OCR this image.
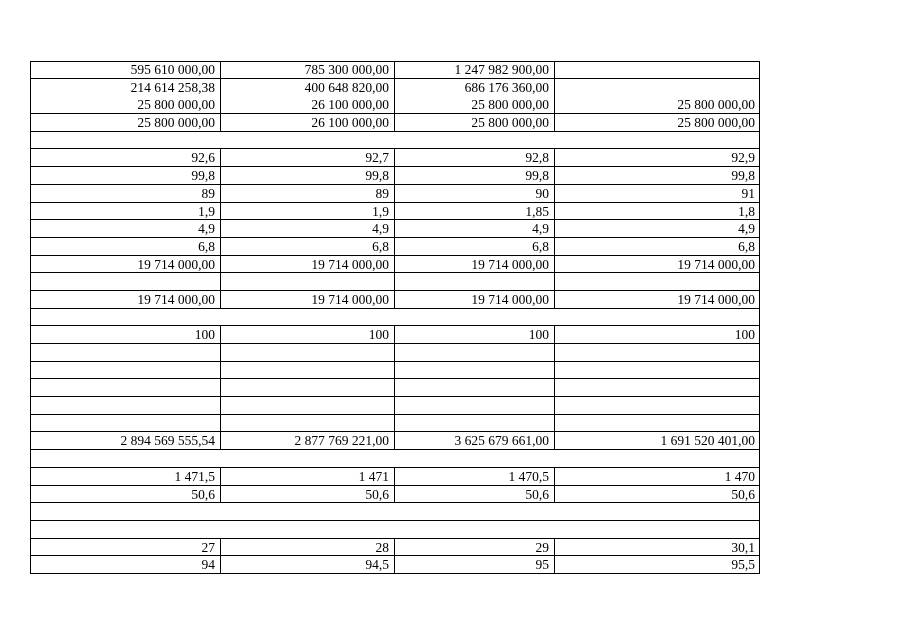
595 610 000,00	785 300 000,00	1 247 982 900,00
214 614 258,38	400 648 820,00	686 176 360,00
25 800 000,00	26 100 000,00	25 800 000,00	25 800 000,00
25 800 000,00	26 100 000,00	25 800 000,00	25 800 000,00
92,6	92,7	92,8	92,9
99,8	99,8	99,8	99,8
89	89	90	91
1,9	1,9	1,85	1,8
4,9	4,9	4,9	4,9
6,8	6,8	6,8	6,8
19 714 000,00	19 714 000,00	19 714 000,00	19 714 000,00
19 714 000,00	19 714 000,00	19 714 000,00	19 714 000,00
100	100	100	100
2 894 569 555,54	2 877 769 221,00	3 625 679 661,00	1 691 520 401,00
1 471,5	1 471	1 470,5	1 470
50,6	50,6	50,6	50,6
27	28	29	30,1
94	94,5	95	95,5
